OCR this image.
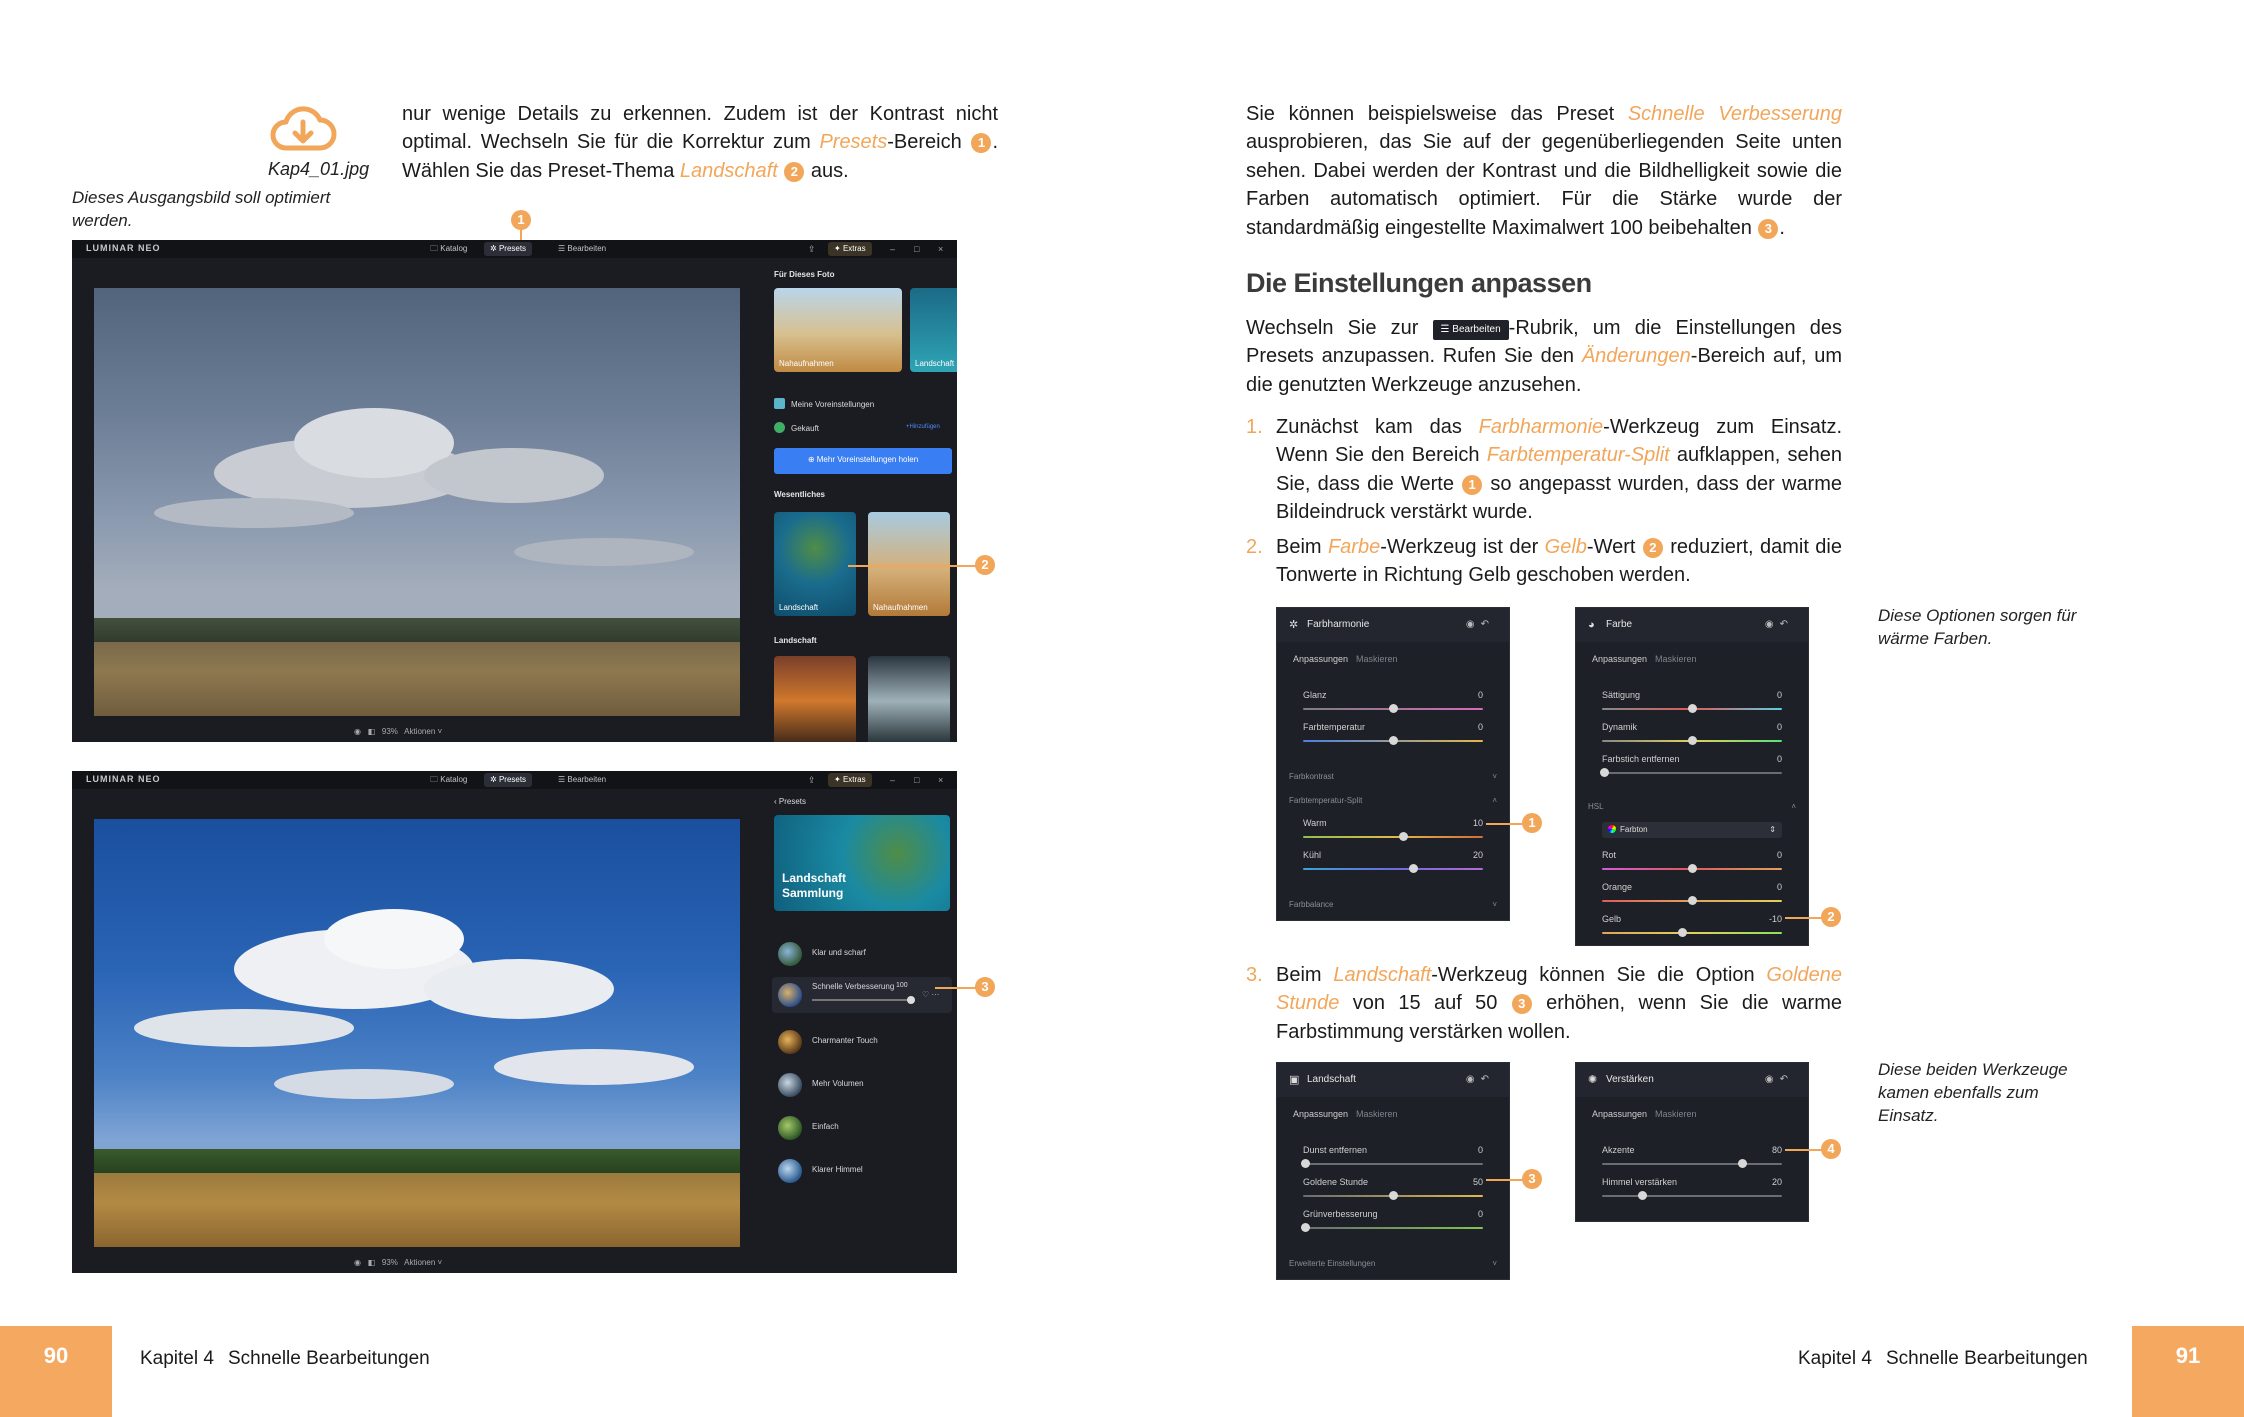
Kap4_01.jpg
Dieses Ausgangsbild soll optimiert werden.
nur wenige Details zu erkennen. Zudem ist der Kontrast nicht optimal. Wechseln Sie für die Korrektur zum Presets-Bereich 1 . Wählen Sie das Preset-Thema Landschaft 2 aus.
1
LUMINAR NEO	🗀 Katalog	✲ Presets	☰ Bearbeiten	⇪	✦ Extras	– □ ×
◉ ◧ 93% Aktionen ˅
Für Dieses Foto
Nahaufnahmen	Landschaft
Meine Voreinstellungen
Gekauft	+Hinzufügen
⊕ Mehr Voreinstellungen holen
Wesentliches
Landschaft	Nahaufnahmen
Landschaft
2
LUMINAR NEO	🗀 Katalog	✲ Presets	☰ Bearbeiten	⇪	✦ Extras	– □ ×
◉ ◧ 93% Aktionen ˅
‹ Presets
Landschaft
Sammlung
Klar und scharf
Schnelle Verbesserung 100
♡ ⋯
Charmanter Touch
Mehr Volumen
Einfach
Klarer Himmel
3
90	Kapitel 4 Schnelle Bearbeitungen
Sie können beispielsweise das Preset Schnelle Verbesserung ausprobieren, das Sie auf der gegenüberliegenden Seite unten sehen. Dabei werden der Kontrast und die Bildhelligkeit sowie die Farben automatisch optimiert. Für die Stärke wurde der standardmäßig eingestellte Maximalwert 100 beibehalten 3 .
Die Einstellungen anpassen
Wechseln Sie zur ☰ Bearbeiten -Rubrik, um die Einstellungen des Presets anzupassen. Rufen Sie den Änderungen-Bereich auf, um die genutzten Werkzeuge anzusehen.
1. Zunächst kam das Farbharmonie-Werkzeug zum Einsatz. Wenn Sie den Bereich Farbtemperatur-Split aufklappen, sehen Sie, dass die Werte 1 so angepasst wurden, dass der warme Bildeindruck verstärkt wurde.
2. Beim Farbe-Werkzeug ist der Gelb-Wert 2 reduziert, damit die Tonwerte in Richtung Gelb geschoben werden.
✲ Farbharmonie	◉↶
Anpassungen Maskieren
Glanz	0
Farbtemperatur	0
Farbkontrast	˅
Farbtemperatur-Split	˄
Warm	10
Kühl	20
Farbbalance	˅
1
◕	Farbe	◉↶
Anpassungen Maskieren
Sättigung	0
Dynamik	0
Farbstich entfernen	0
HSL	˄
Farbton	⇕
Rot	0
Orange	0
Gelb	-10	2
Diese Optionen sorgen für wärme Farben.
3. Beim Landschaft-Werkzeug können Sie die Option Goldene Stunde von 15 auf 50 3 erhöhen, wenn Sie die warme Farbstimmung verstärken wollen.
▣ Landschaft	◉↶
Anpassungen Maskieren
Dunst entfernen	0
Goldene Stunde	50
Grünverbesserung	0
Erweiterte Einstellungen	˅
3
✺ Verstärken	◉↶
Anpassungen Maskieren
Akzente	80
Himmel verstärken	20
4
Diese beiden Werkzeuge kamen ebenfalls zum Einsatz.
Kapitel 4 Schnelle Bearbeitungen	91
